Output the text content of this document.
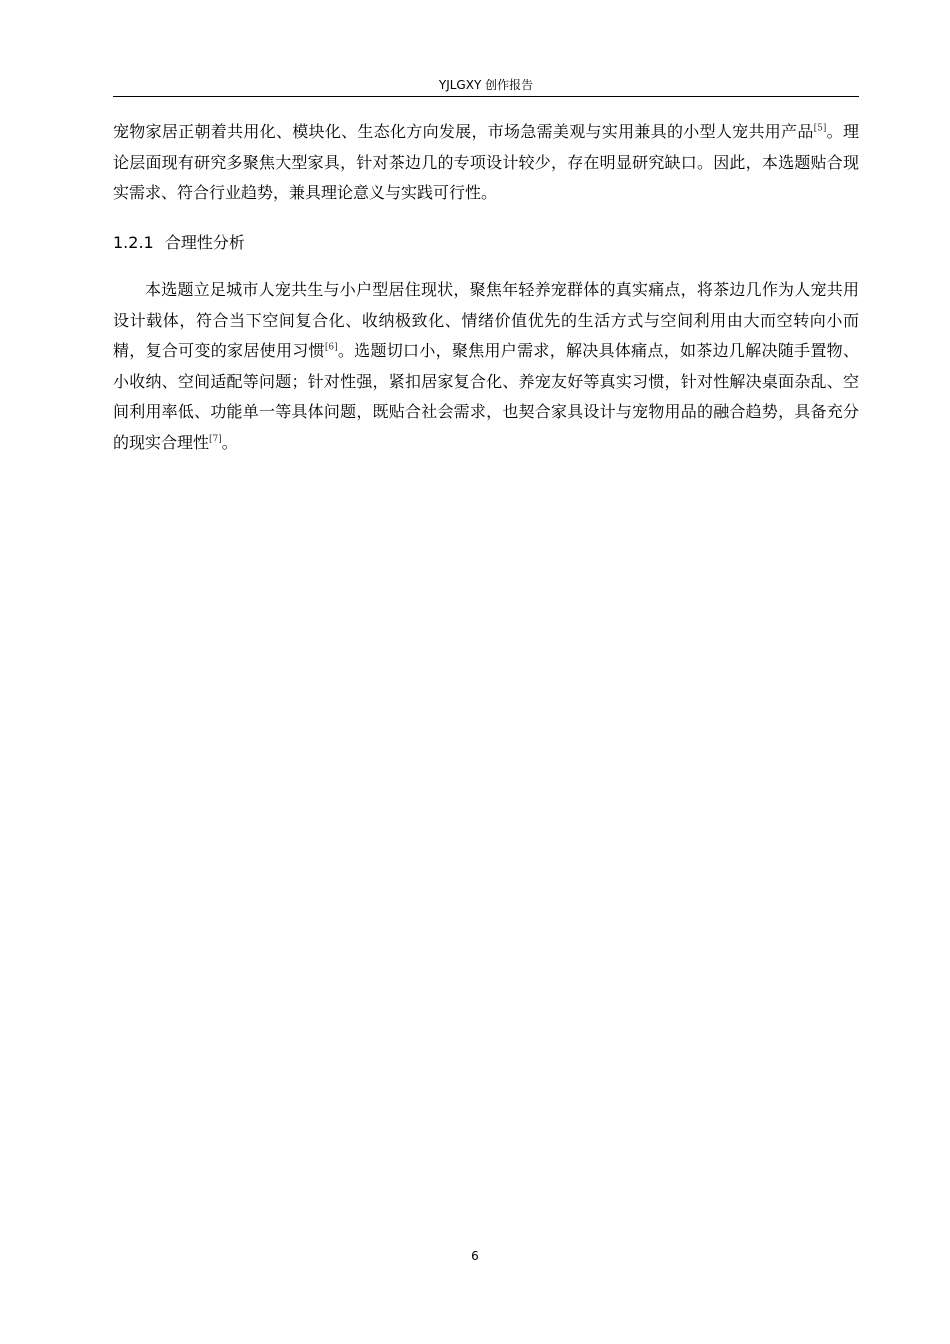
YJLGXY 创作报告

宠物家居正朝着共用化、模块化、生态化方向发展，市场急需美观与实用兼具的小型人宠共用产品[5]。理论层面现有研究多聚焦大型家具，针对茶边几的专项设计较少，存在明显研究缺口。因此，本选题贴合现实需求、符合行业趋势，兼具理论意义与实践可行性。

1.2.1 合理性分析

本选题立足城市人宠共生与小户型居住现状，聚焦年轻养宠群体的真实痛点，将茶边几作为人宠共用设计载体，符合当下空间复合化、收纳极致化、情绪价值优先的生活方式与空间利用由大而空转向小而精，复合可变的家居使用习惯[6]。选题切口小，聚焦用户需求，解决具体痛点，如茶边几解决随手置物、小收纳、空间适配等问题；针对性强，紧扣居家复合化、养宠友好等真实习惯，针对性解决桌面杂乱、空间利用率低、功能单一等具体问题，既贴合社会需求，也契合家具设计与宠物用品的融合趋势，具备充分的现实合理性[7]。

6
